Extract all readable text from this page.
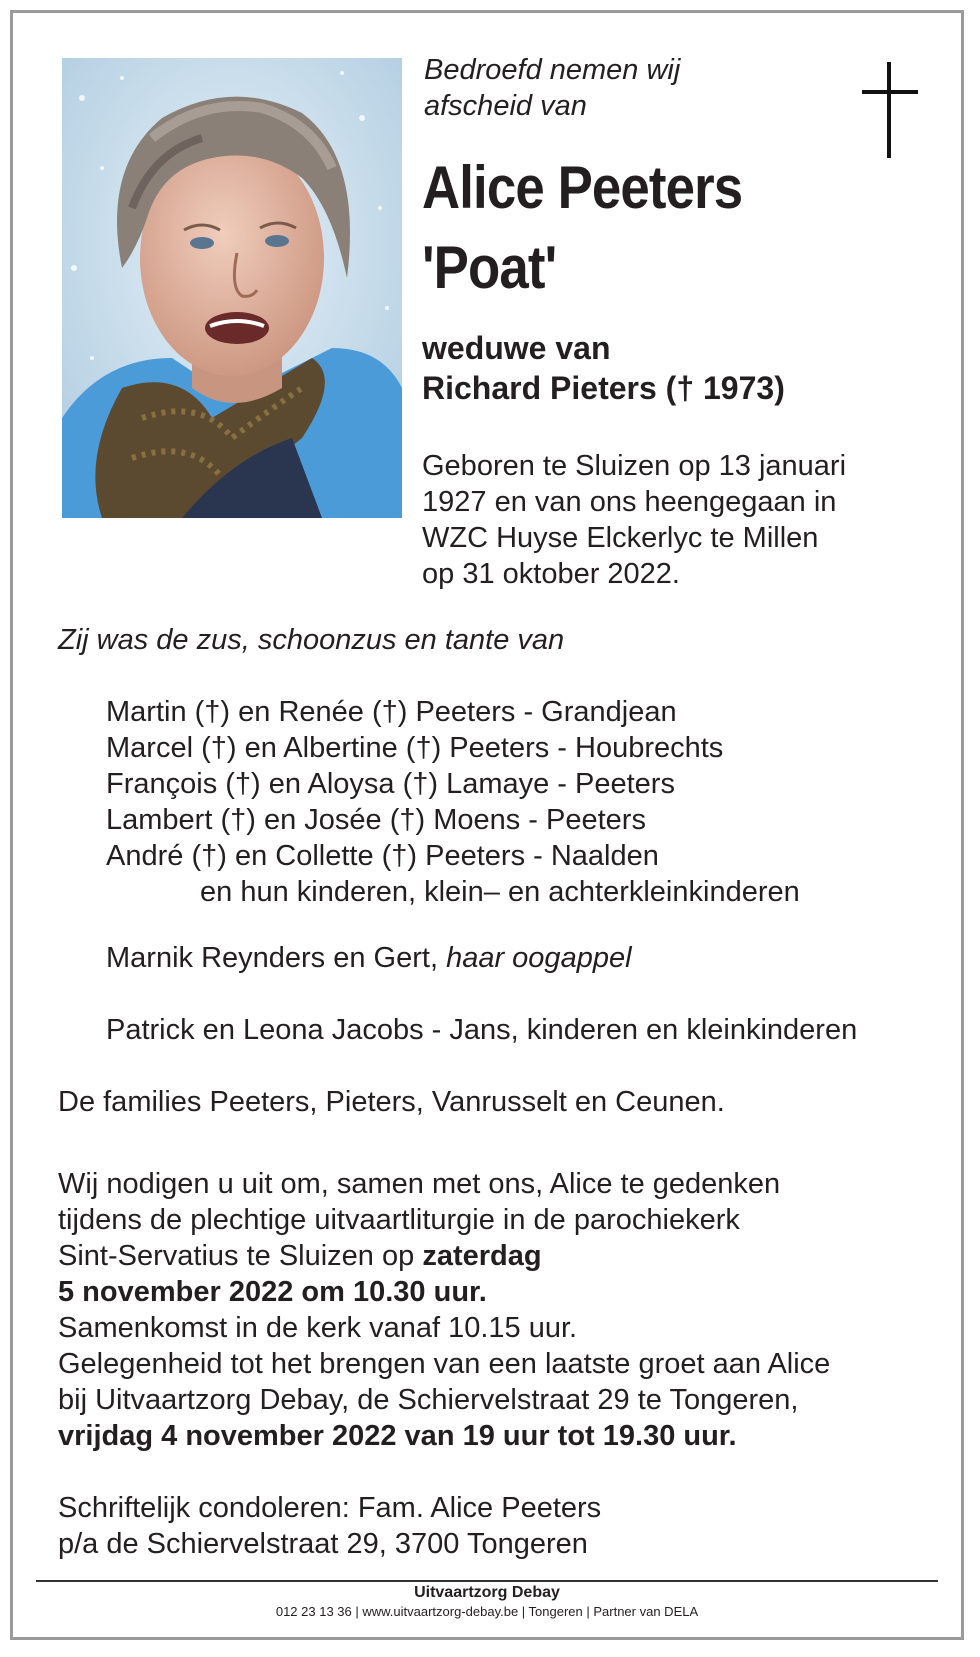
Bedroefd nemen wij
afscheid van
Alice Peeters
'Poat'
weduwe van
Richard Pieters († 1973)
Geboren te Sluizen op 13 januari
1927 en van ons heengegaan in
WZC Huyse Elckerlyc te Millen
op 31 oktober 2022.
Zij was de zus, schoonzus en tante van
Martin (†) en Renée (†) Peeters - Grandjean
Marcel (†) en Albertine (†) Peeters - Houbrechts
François (†) en Aloysa (†) Lamaye - Peeters
Lambert (†) en Josée (†) Moens - Peeters
André (†) en Collette (†) Peeters - Naalden
en hun kinderen, klein– en achterkleinkinderen
Marnik Reynders en Gert, haar oogappel
Patrick en Leona Jacobs - Jans, kinderen en kleinkinderen
De families Peeters, Pieters, Vanrusselt en Ceunen.
Wij nodigen u uit om, samen met ons, Alice te gedenken
tijdens de plechtige uitvaartliturgie in de parochiekerk
Sint-Servatius te Sluizen op zaterdag
5 november 2022 om 10.30 uur.
Samenkomst in de kerk vanaf 10.15 uur.
Gelegenheid tot het brengen van een laatste groet aan Alice
bij Uitvaartzorg Debay, de Schiervelstraat 29 te Tongeren,
vrijdag 4 november 2022 van 19 uur tot 19.30 uur.
Schriftelijk condoleren: Fam. Alice Peeters
p/a de Schiervelstraat 29, 3700 Tongeren
Uitvaartzorg Debay
012 23 13 36 | www.uitvaartzorg-debay.be | Tongeren | Partner van DELA
